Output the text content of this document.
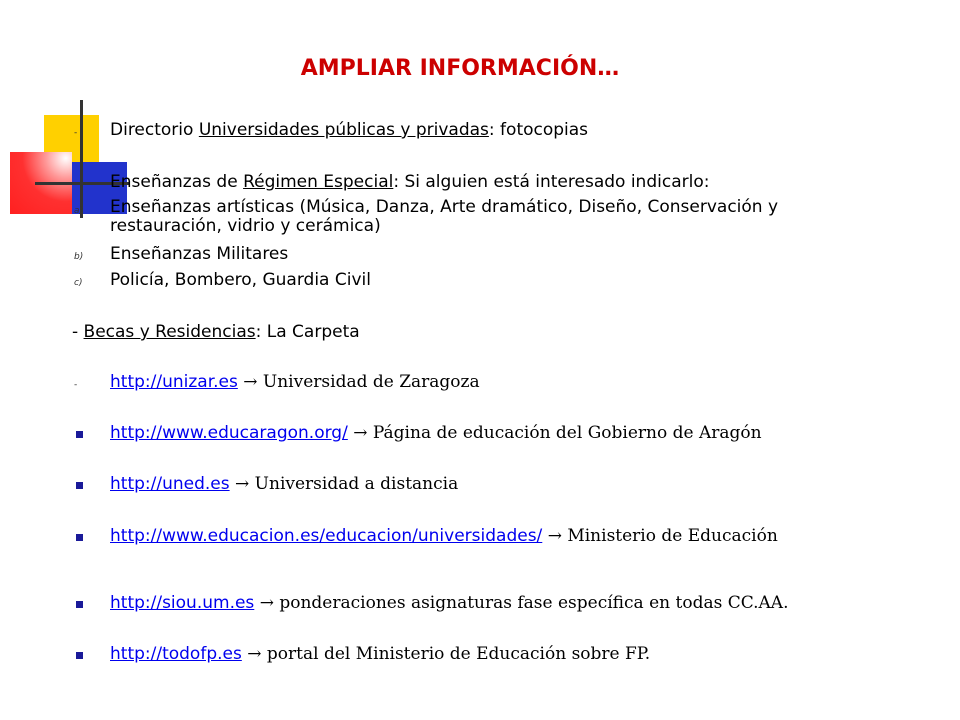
AMPLIAR INFORMACIÓN…
- Directorio Universidades públicas y privadas: fotocopias
Enseñanzas de Régimen Especial: Si alguien está interesado indicarlo:
a) Enseñanzas artísticas (Música, Danza, Arte dramático, Diseño, Conservación y
restauración, vidrio y cerámica)
b) Enseñanzas Militares
c) Policía, Bombero, Guardia Civil
- Becas y Residencias: La Carpeta
- http://unizar.es → Universidad de Zaragoza
http://www.educaragon.org/ → Página de educación del Gobierno de Aragón
http://uned.es → Universidad a distancia
http://www.educacion.es/educacion/universidades/ → Ministerio de Educación
http://siou.um.es → ponderaciones asignaturas fase específica en todas CC.AA.
http://todofp.es → portal del Ministerio de Educación sobre FP.
